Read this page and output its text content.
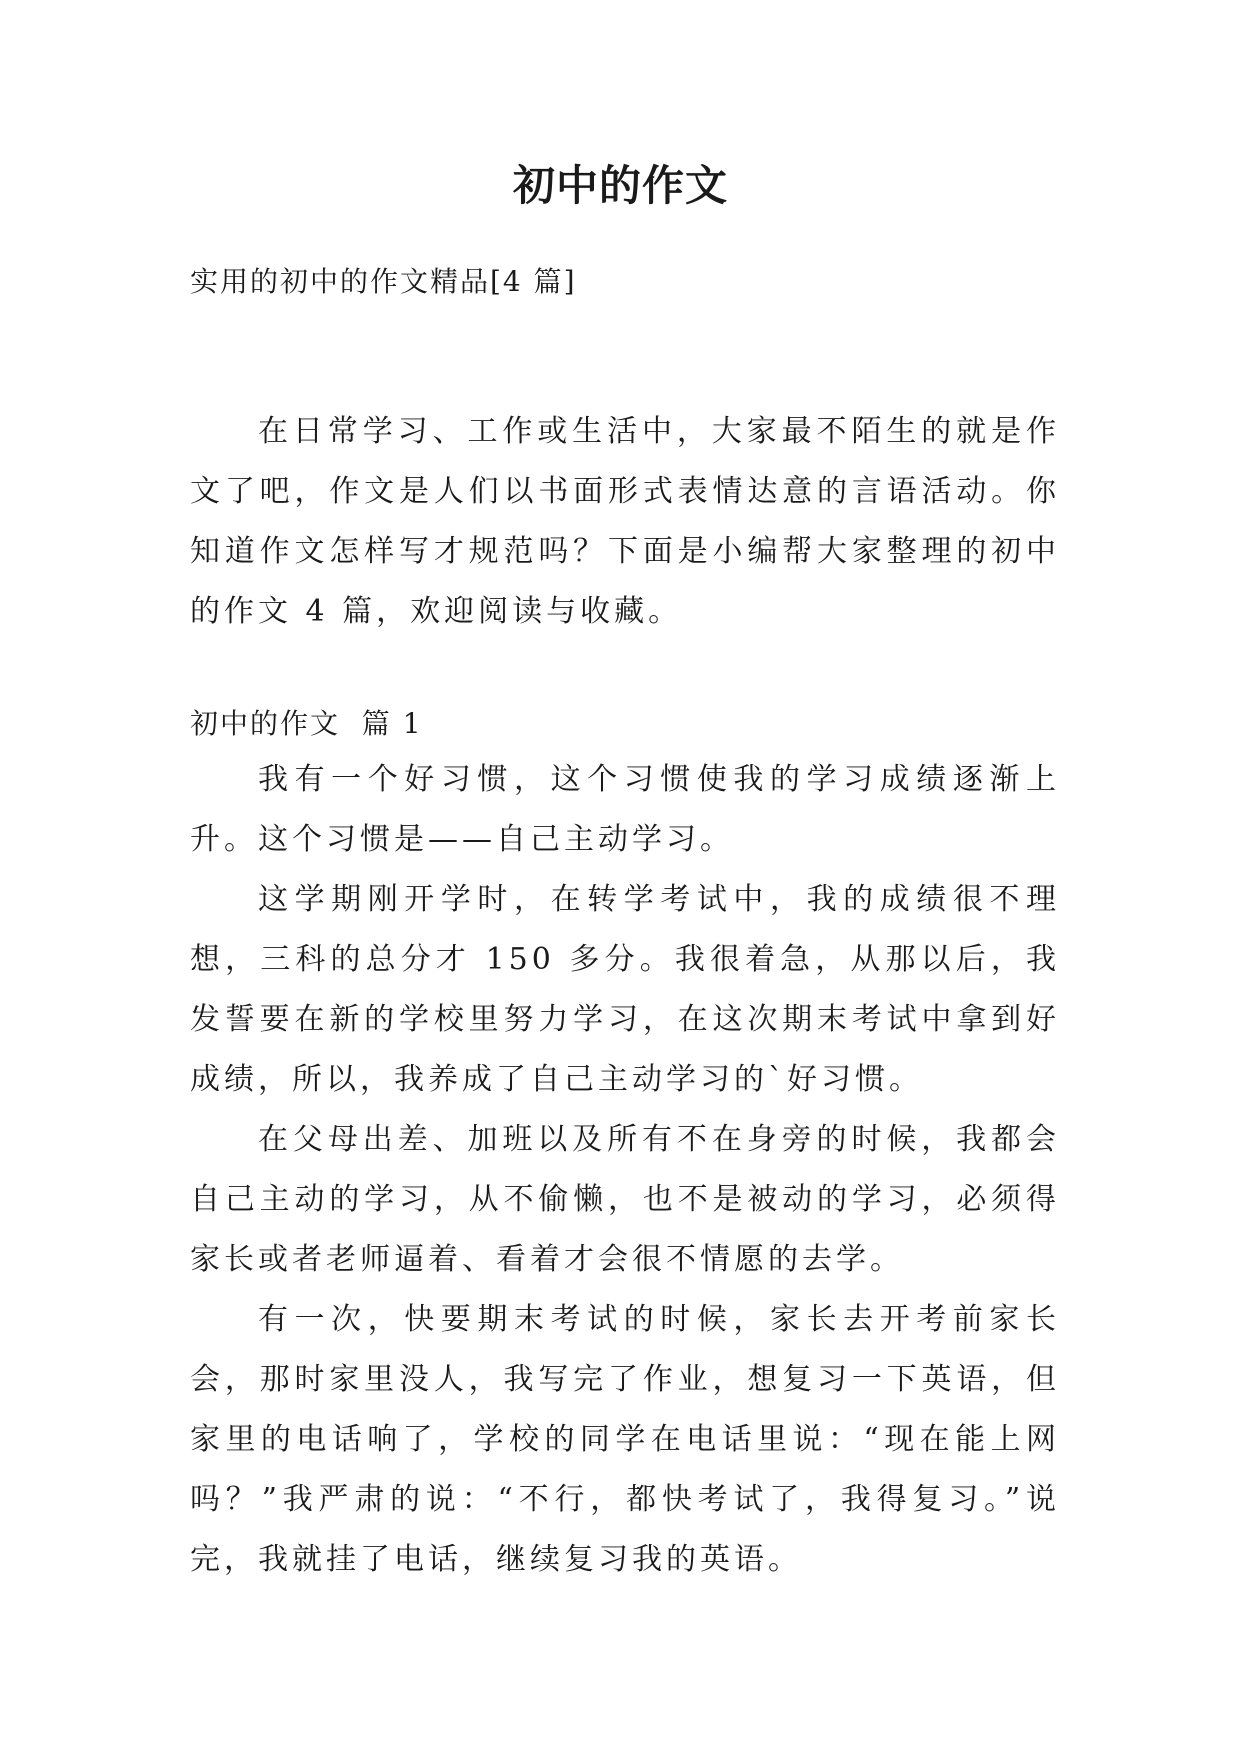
初中的作文
实用的初中的作文精品[4 篇]

在日常学习、工作或生活中，大家最不陌生的就是作文了吧，作文是人们以书面形式表情达意的言语活动。你知道作文怎样写才规范吗？下面是小编帮大家整理的初中的作文 4 篇，欢迎阅读与收藏。

初中的作文  篇 1

我有一个好习惯，这个习惯使我的学习成绩逐渐上升。这个习惯是——自己主动学习。

这学期刚开学时，在转学考试中，我的成绩很不理想，三科的总分才 150 多分。我很着急，从那以后，我发誓要在新的学校里努力学习，在这次期末考试中拿到好成绩，所以，我养成了自己主动学习的`好习惯。

在父母出差、加班以及所有不在身旁的时候，我都会自己主动的学习，从不偷懒，也不是被动的学习，必须得家长或者老师逼着、看着才会很不情愿的去学。

有一次，快要期末考试的时候，家长去开考前家长会，那时家里没人，我写完了作业，想复习一下英语，但家里的电话响了，学校的同学在电话里说：“现在能上网吗？”我严肃的说：“不行，都快考试了，我得复习。”说完，我就挂了电话，继续复习我的英语。
